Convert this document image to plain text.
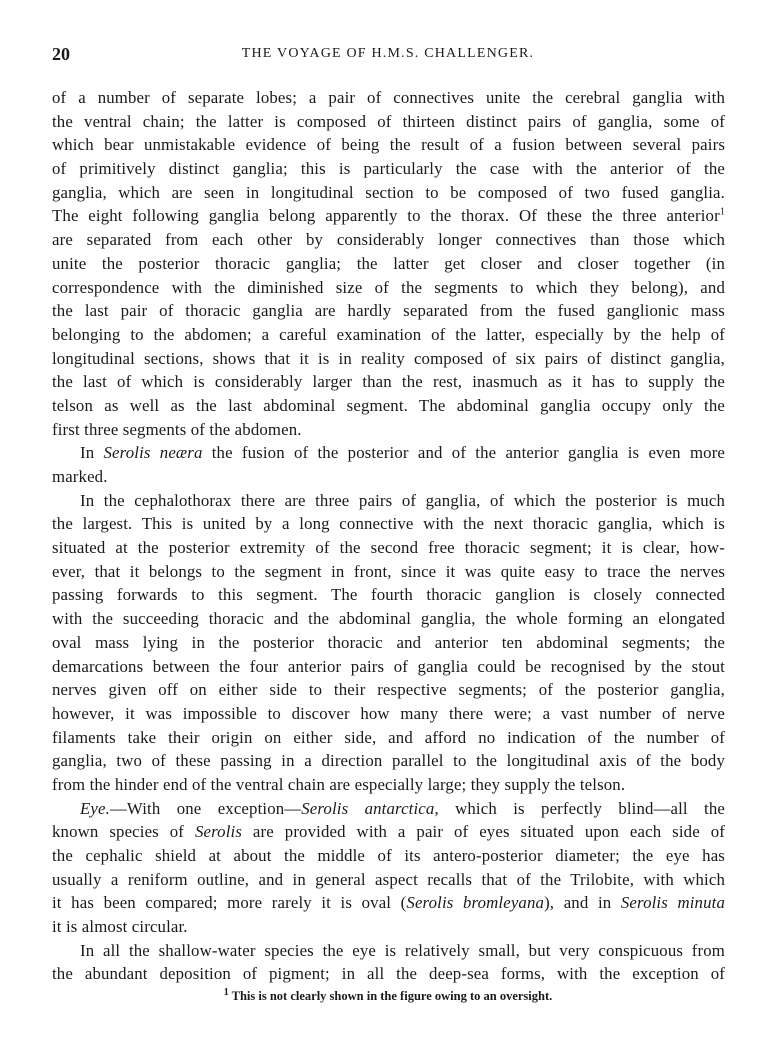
20	THE VOYAGE OF H.M.S. CHALLENGER.
of a number of separate lobes; a pair of connectives unite the cerebral ganglia with
the ventral chain; the latter is composed of thirteen distinct pairs of ganglia, some of
which bear unmistakable evidence of being the result of a fusion between several pairs
of primitively distinct ganglia; this is particularly the case with the anterior of the
ganglia, which are seen in longitudinal section to be composed of two fused ganglia.
The eight following ganglia belong apparently to the thorax. Of these the three anterior$^1$
are separated from each other by considerably longer connectives than those which
unite the posterior thoracic ganglia; the latter get closer and closer together (in
correspondence with the diminished size of the segments to which they belong), and
the last pair of thoracic ganglia are hardly separated from the fused ganglionic mass
belonging to the abdomen; a careful examination of the latter, especially by the help of
longitudinal sections, shows that it is in reality composed of six pairs of distinct ganglia,
the last of which is considerably larger than the rest, inasmuch as it has to supply the
telson as well as the last abdominal segment. The abdominal ganglia occupy only the
first three segments of the abdomen.
In Serolis neæra the fusion of the posterior and of the anterior ganglia is even more
marked.
In the cephalothorax there are three pairs of ganglia, of which the posterior is much
the largest. This is united by a long connective with the next thoracic ganglia, which is
situated at the posterior extremity of the second free thoracic segment; it is clear, how-
ever, that it belongs to the segment in front, since it was quite easy to trace the nerves
passing forwards to this segment. The fourth thoracic ganglion is closely connected
with the succeeding thoracic and the abdominal ganglia, the whole forming an elongated
oval mass lying in the posterior thoracic and anterior ten abdominal segments; the
demarcations between the four anterior pairs of ganglia could be recognised by the stout
nerves given off on either side to their respective segments; of the posterior ganglia,
however, it was impossible to discover how many there were; a vast number of nerve
filaments take their origin on either side, and afford no indication of the number of
ganglia, two of these passing in a direction parallel to the longitudinal axis of the body
from the hinder end of the ventral chain are especially large; they supply the telson.
Eye.—With one exception—Serolis antarctica, which is perfectly blind—all the
known species of Serolis are provided with a pair of eyes situated upon each side of
the cephalic shield at about the middle of its antero-posterior diameter; the eye has
usually a reniform outline, and in general aspect recalls that of the Trilobite, with which
it has been compared; more rarely it is oval (Serolis bromleyana), and in Serolis minuta
it is almost circular.
In all the shallow-water species the eye is relatively small, but very conspicuous from
the abundant deposition of pigment; in all the deep-sea forms, with the exception of
$^1$ This is not clearly shown in the figure owing to an oversight.
